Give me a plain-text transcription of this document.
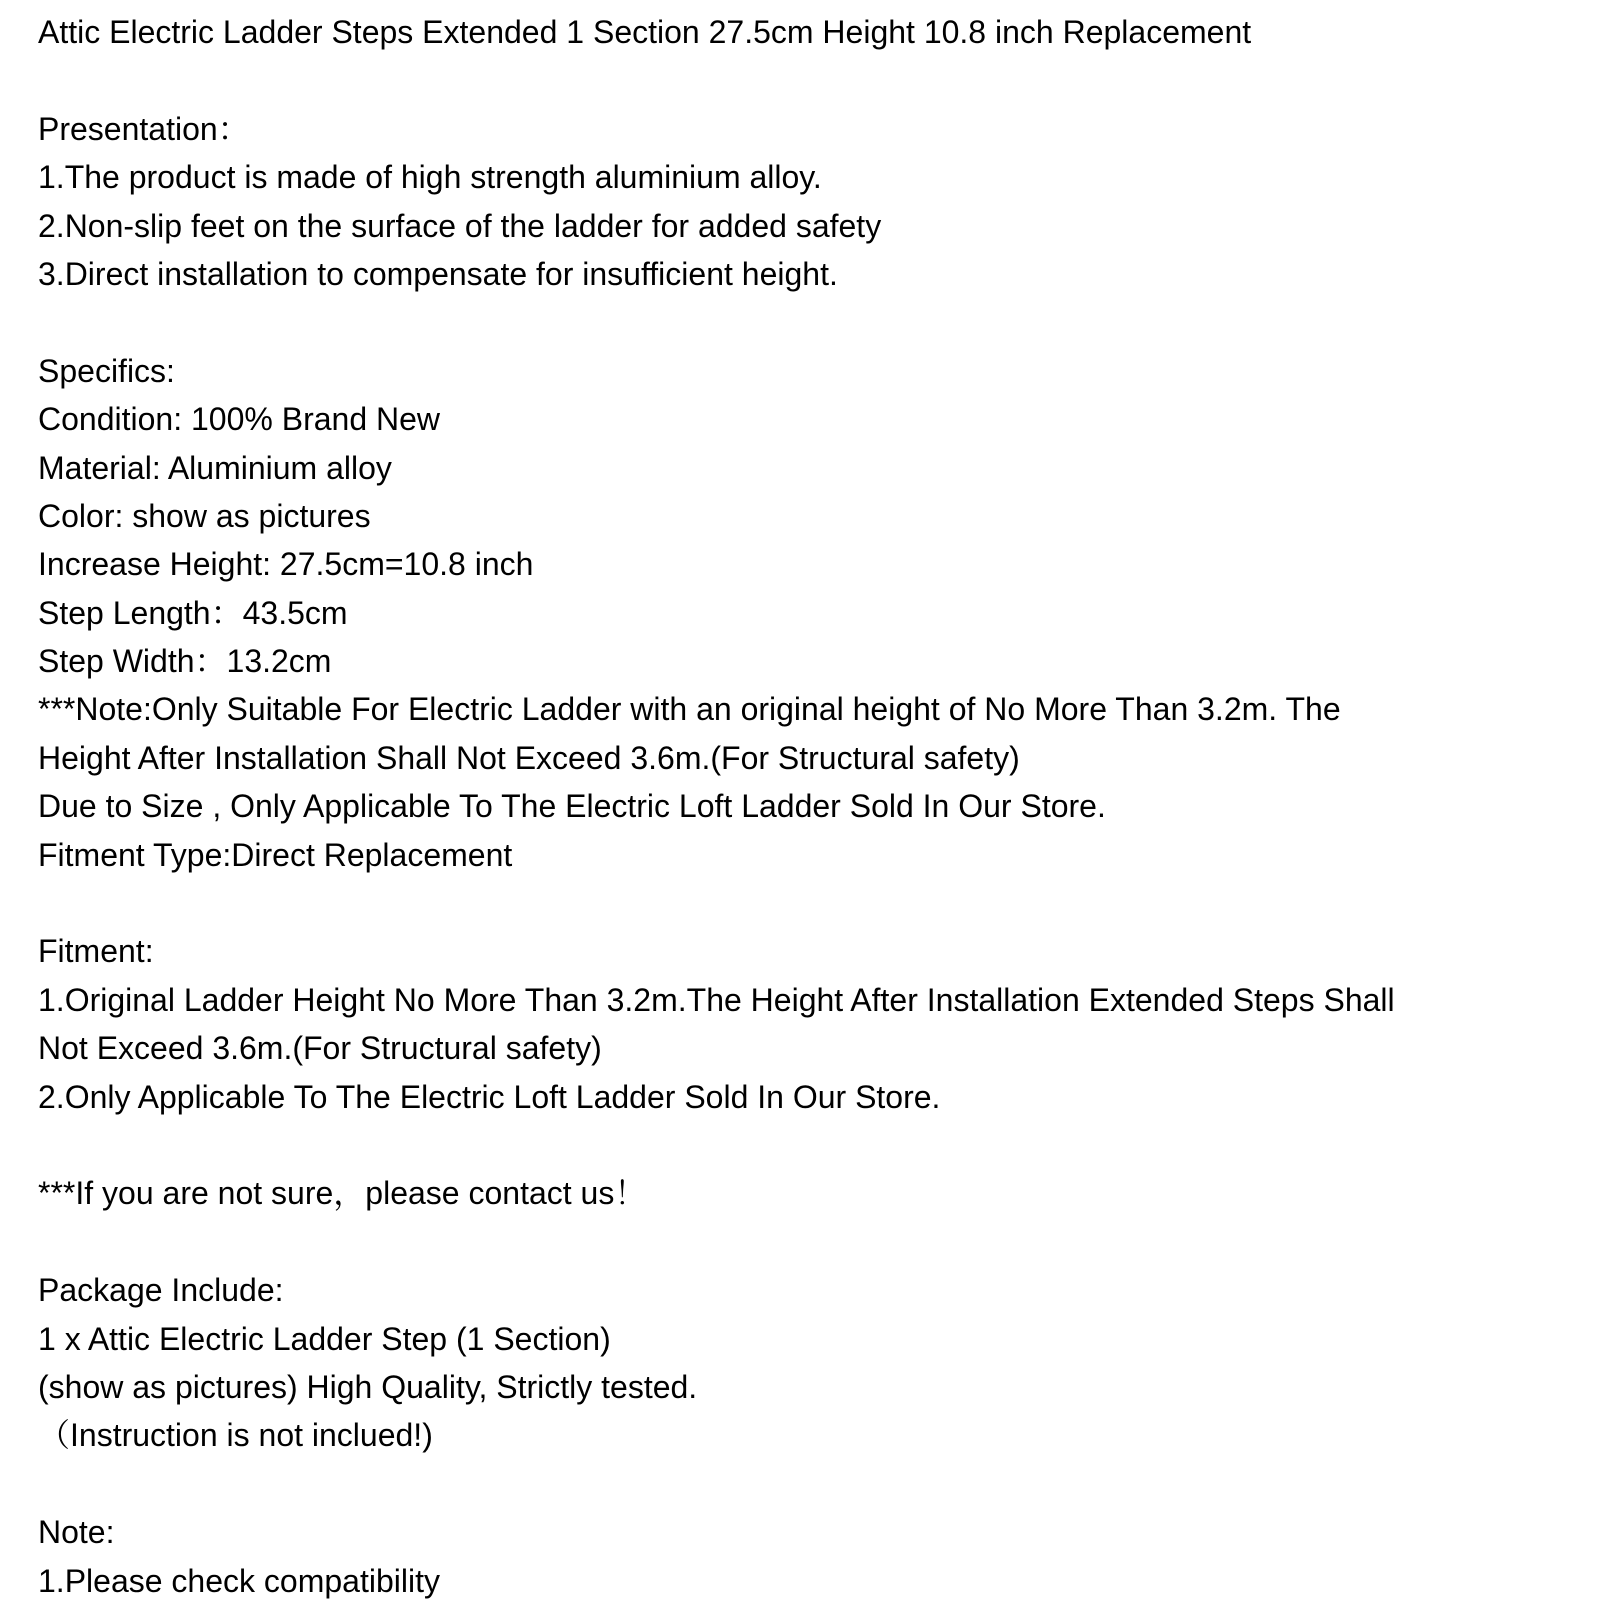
Attic Electric Ladder Steps Extended 1 Section 27.5cm Height 10.8 inch Replacement
Presentation：
1.The product is made of high strength aluminium alloy.
2.Non-slip feet on the surface of the ladder for added safety
3.Direct installation to compensate for insufficient height.
Specifics:
Condition: 100% Brand New
Material: Aluminium alloy
Color: show as pictures
Increase Height: 27.5cm=10.8 inch
Step Length：43.5cm
Step Width：13.2cm
***Note:Only Suitable For Electric Ladder with an original height of No More Than 3.2m. The
Height After Installation Shall Not Exceed 3.6m.(For Structural safety)
Due to Size , Only Applicable To The Electric Loft Ladder Sold In Our Store.
Fitment Type:Direct Replacement
Fitment:
1.Original Ladder Height No More Than 3.2m.The Height After Installation Extended Steps Shall
Not Exceed 3.6m.(For Structural safety)
2.Only Applicable To The Electric Loft Ladder Sold In Our Store.
***If you are not sure，please contact us！
Package Include:
1 x Attic Electric Ladder Step (1 Section)
(show as pictures) High Quality, Strictly tested.
（Instruction is not inclued!)
Note:
1.Please check compatibility
